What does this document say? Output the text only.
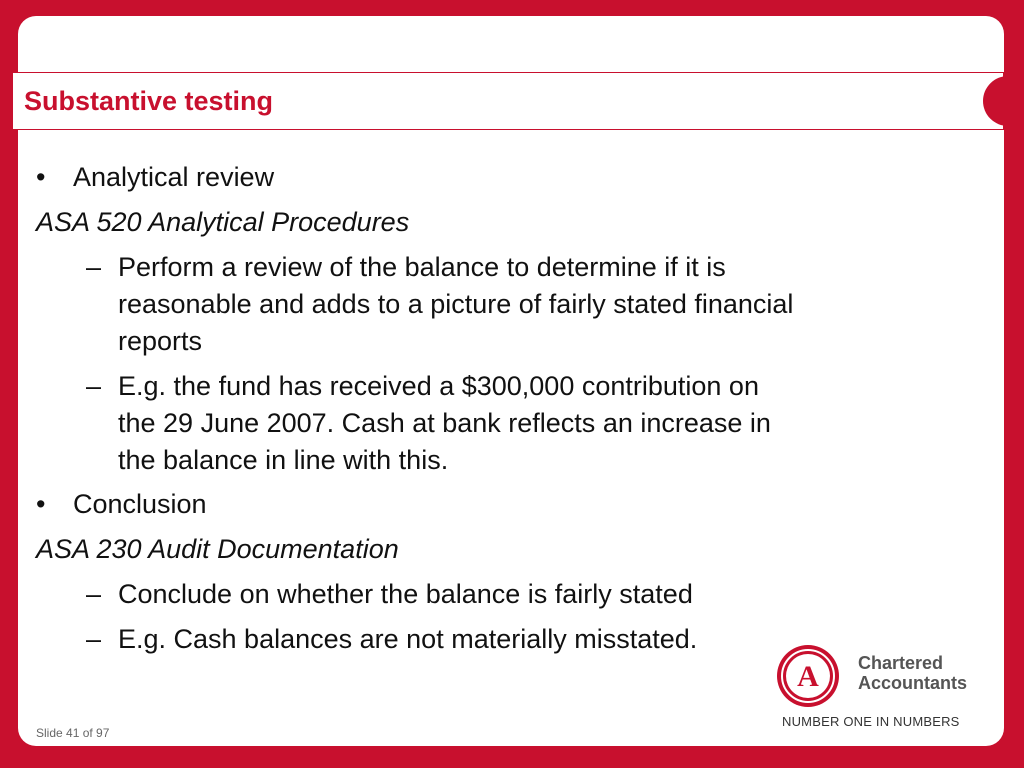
Substantive testing
• Analytical review
ASA 520 Analytical Procedures
– Perform a review of the balance to determine if it is
reasonable and adds to a picture of fairly stated financial
reports
– E.g. the fund has received a $300,000 contribution on
the 29 June 2007. Cash at bank reflects an increase in
the balance in line with this.
• Conclusion
ASA 230 Audit Documentation
– Conclude on whether the balance is fairly stated
– E.g. Cash balances are not materially misstated.
A Chartered
Accountants
NUMBER ONE IN NUMBERS
Slide 41 of 97
